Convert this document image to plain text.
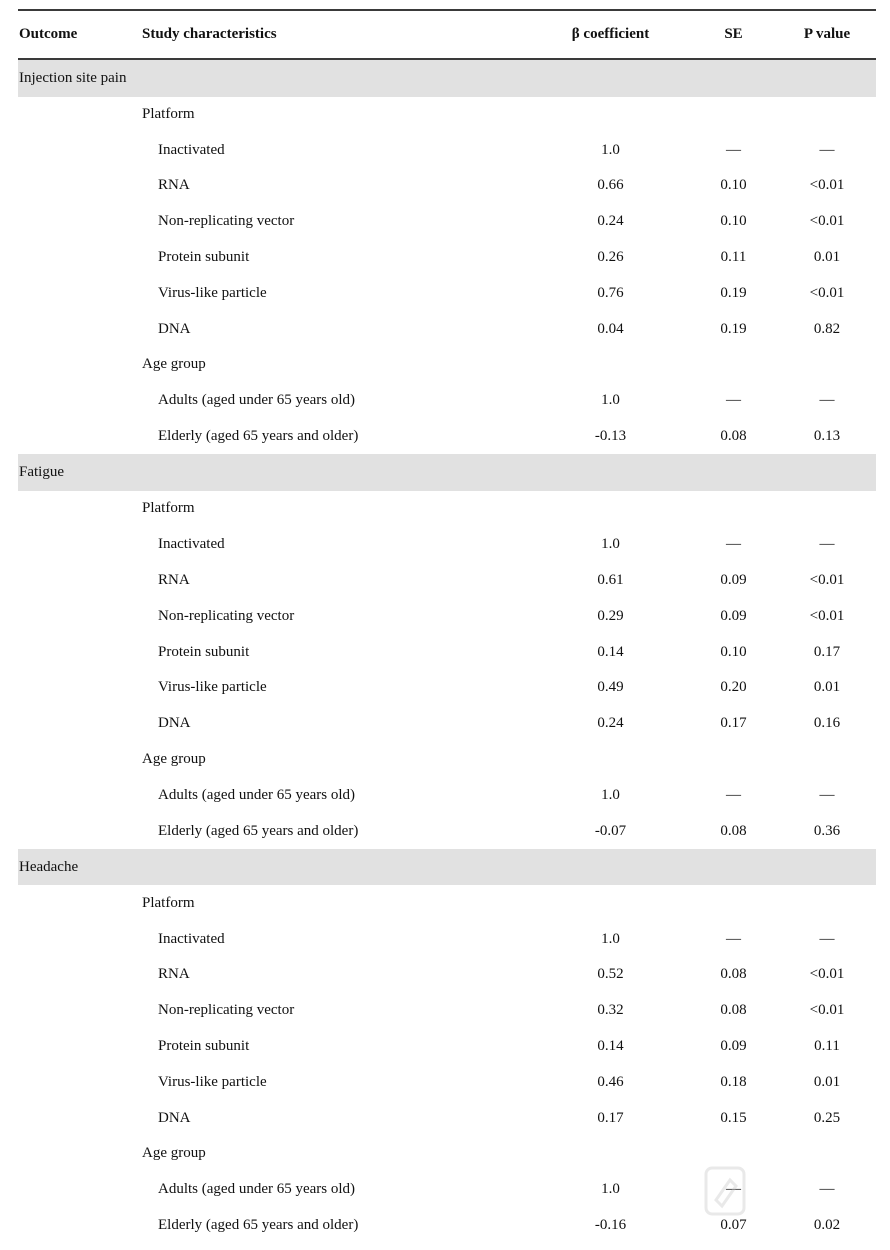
Outcome	Study characteristics	β coefficient	SE	P value
Injection site pain
Platform
Inactivated	1.0	—	—
RNA	0.66	0.10	<0.01
Non-replicating vector	0.24	0.10	<0.01
Protein subunit	0.26	0.11	0.01
Virus-like particle	0.76	0.19	<0.01
DNA	0.04	0.19	0.82
Age group
Adults (aged under 65 years old)	1.0	—	—
Elderly (aged 65 years and older)	-0.13	0.08	0.13
Fatigue
Platform
Inactivated	1.0	—	—
RNA	0.61	0.09	<0.01
Non-replicating vector	0.29	0.09	<0.01
Protein subunit	0.14	0.10	0.17
Virus-like particle	0.49	0.20	0.01
DNA	0.24	0.17	0.16
Age group
Adults (aged under 65 years old)	1.0	—	—
Elderly (aged 65 years and older)	-0.07	0.08	0.36
Headache
Platform
Inactivated	1.0	—	—
RNA	0.52	0.08	<0.01
Non-replicating vector	0.32	0.08	<0.01
Protein subunit	0.14	0.09	0.11
Virus-like particle	0.46	0.18	0.01
DNA	0.17	0.15	0.25
Age group
Adults (aged under 65 years old)	1.0	—	—
Elderly (aged 65 years and older)	-0.16	0.07	0.02
